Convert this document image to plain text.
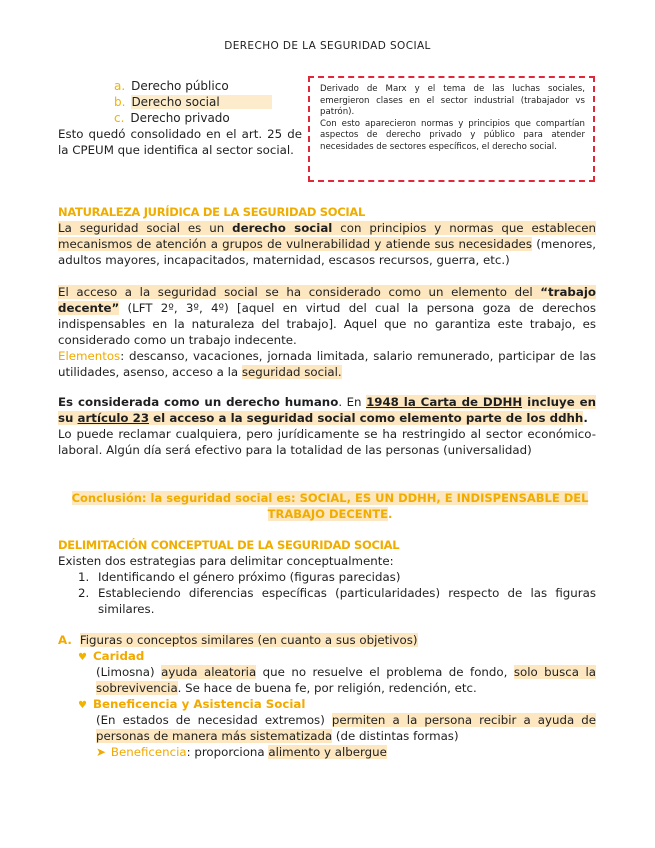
DERECHO DE LA SEGURIDAD SOCIAL
a. Derecho público
b. Derecho social
c. Derecho privado
Esto quedó consolidado en el art. 25 de la CPEUM que identifica al sector social.
Derivado de Marx y el tema de las luchas sociales, emergieron clases en el sector industrial (trabajador vs patrón).
Con esto aparecieron normas y principios que compartían aspectos de derecho privado y público para atender necesidades de sectores específicos, el derecho social.
NATURALEZA JURÍDICA DE LA SEGURIDAD SOCIAL
La seguridad social es un derecho social con principios y normas que establecen mecanismos de atención a grupos de vulnerabilidad y atiende sus necesidades (menores, adultos mayores, incapacitados, maternidad, escasos recursos, guerra, etc.)
El acceso a la seguridad social se ha considerado como un elemento del “trabajo decente” (LFT 2º, 3º, 4º) [aquel en virtud del cual la persona goza de derechos indispensables en la naturaleza del trabajo]. Aquel que no garantiza este trabajo, es considerado como un trabajo indecente.
Elementos: descanso, vacaciones, jornada limitada, salario remunerado, participar de las utilidades, asenso, acceso a la seguridad social.
Es considerada como un derecho humano. En 1948 la Carta de DDHH incluye en su artículo 23 el acceso a la seguridad social como elemento parte de los ddhh.
Lo puede reclamar cualquiera, pero jurídicamente se ha restringido al sector económico-laboral. Algún día será efectivo para la totalidad de las personas (universalidad)
Conclusión: la seguridad social es: SOCIAL, ES UN DDHH, E INDISPENSABLE DEL TRABAJO DECENTE.
DELIMITACIÓN CONCEPTUAL DE LA SEGURIDAD SOCIAL
Existen dos estrategias para delimitar conceptualmente:
1. Identificando el género próximo (figuras parecidas)
2. Estableciendo diferencias específicas (particularidades) respecto de las figuras similares.
A. Figuras o conceptos similares (en cuanto a sus objetivos)
♥ Caridad
(Limosna) ayuda aleatoria que no resuelve el problema de fondo, solo busca la sobrevivencia. Se hace de buena fe, por religión, redención, etc.
♥ Beneficencia y Asistencia Social
(En estados de necesidad extremos) permiten a la persona recibir a ayuda de personas de manera más sistematizada (de distintas formas)
➤ Beneficencia: proporciona alimento y albergue
